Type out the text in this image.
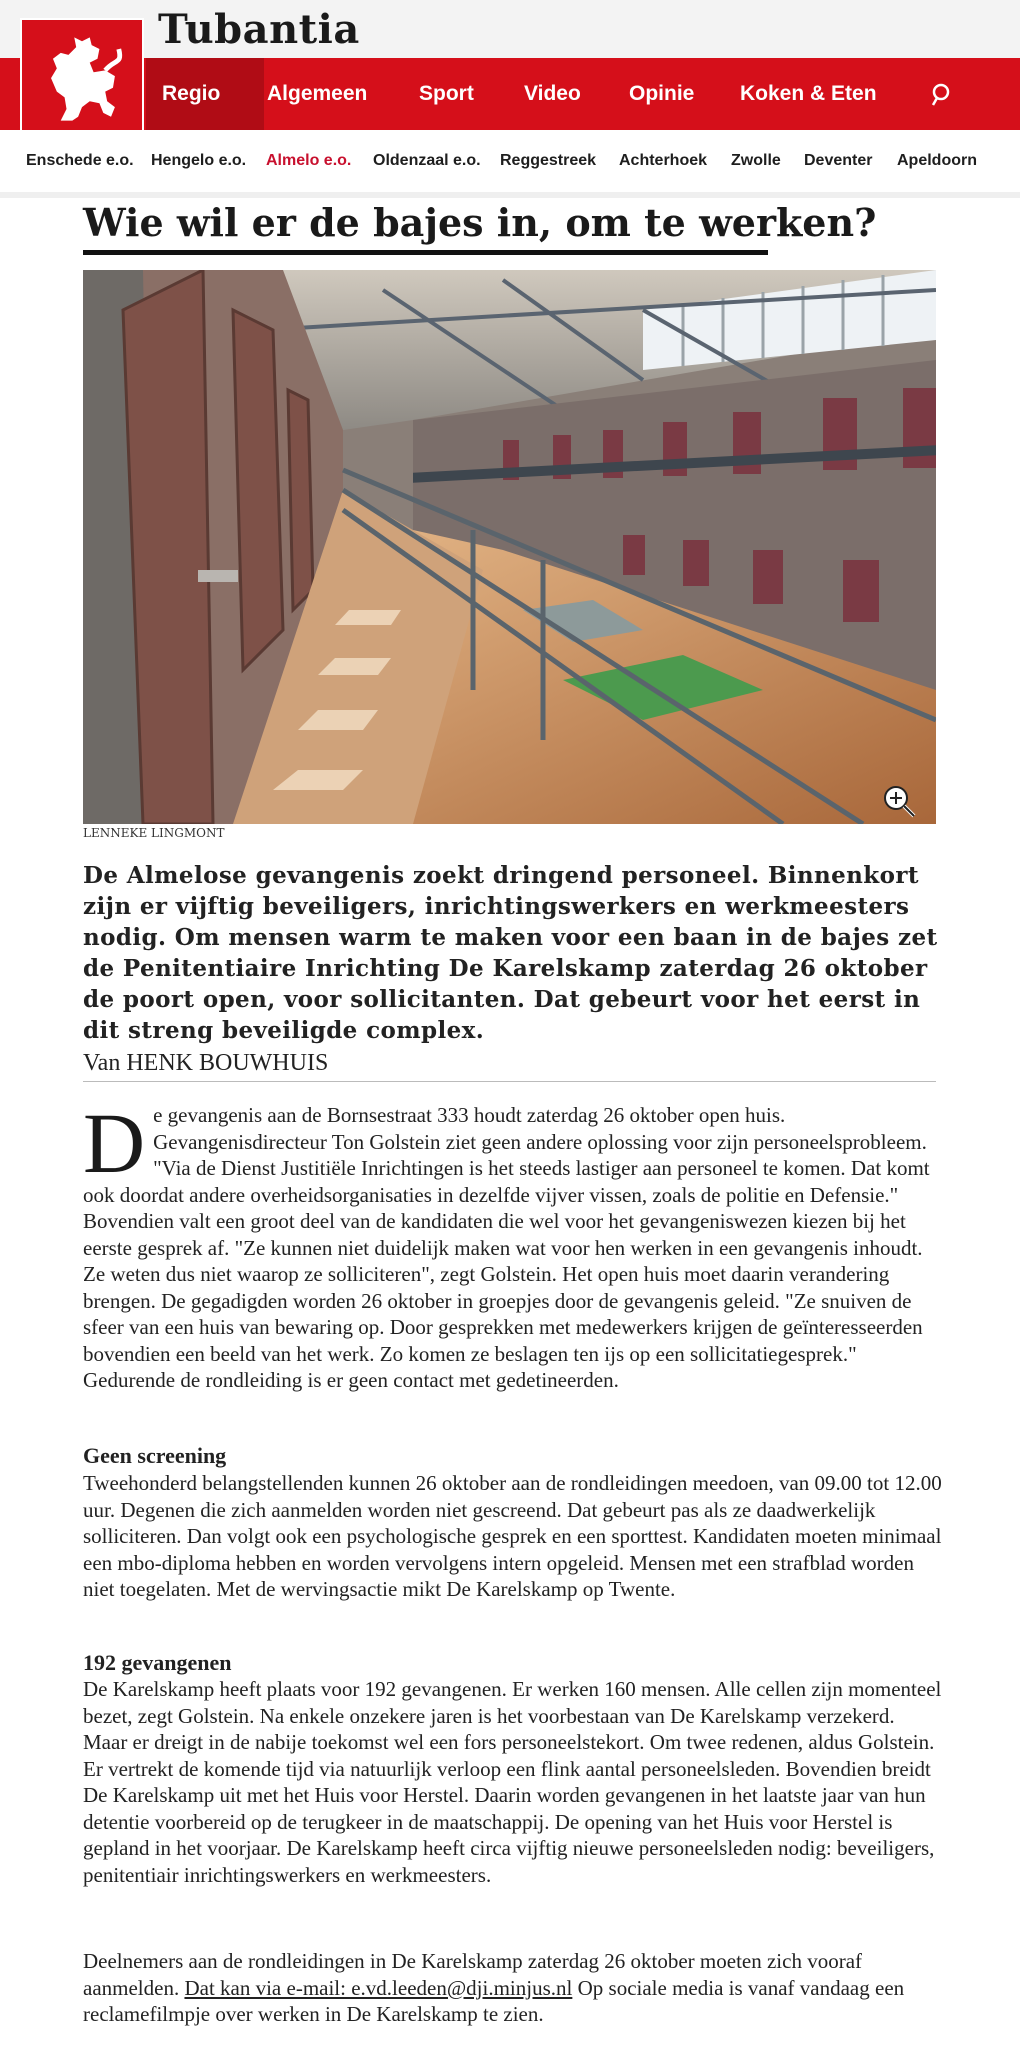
Tubantia
Regio Algemeen Sport Video Opinie Koken & Eten
Enschede e.o. Hengelo e.o. Almelo e.o. Oldenzaal e.o. Reggestreek Achterhoek Zwolle Deventer Apeldoorn
Wie wil er de bajes in, om te werken?
LENNEKE LINGMONT

De Almelose gevangenis zoekt dringend personeel. Binnenkort zijn er vijftig beveiligers, inrichtingswerkers en werkmeesters nodig. Om mensen warm te maken voor een baan in de bajes zet de Penitentiaire Inrichting De Karelskamp zaterdag 26 oktober de poort open, voor sollicitanten. Dat gebeurt voor het eerst in dit streng beveiligde complex.

Van HENK BOUWHUIS
De gevangenis aan de Bornsestraat 333 houdt zaterdag 26 oktober open huis. Gevangenisdirecteur Ton Golstein ziet geen andere oplossing voor zijn personeelsprobleem. "Via de Dienst Justitiële Inrichtingen is het steeds lastiger aan personeel te komen. Dat komt ook doordat andere overheidsorganisaties in dezelfde vijver vissen, zoals de politie en Defensie." Bovendien valt een groot deel van de kandidaten die wel voor het gevangeniswezen kiezen bij het eerste gesprek af. "Ze kunnen niet duidelijk maken wat voor hen werken in een gevangenis inhoudt. Ze weten dus niet waarop ze solliciteren", zegt Golstein. Het open huis moet daarin verandering brengen. De gegadigden worden 26 oktober in groepjes door de gevangenis geleid. "Ze snuiven de sfeer van een huis van bewaring op. Door gesprekken met medewerkers krijgen de geïnteresseerden bovendien een beeld van het werk. Zo komen ze beslagen ten ijs op een sollicitatiegesprek." Gedurende de rondleiding is er geen contact met gedetineerden.
Geen screening
Tweehonderd belangstellenden kunnen 26 oktober aan de rondleidingen meedoen, van 09.00 tot 12.00 uur. Degenen die zich aanmelden worden niet gescreend. Dat gebeurt pas als ze daadwerkelijk solliciteren. Dan volgt ook een psychologische gesprek en een sporttest. Kandidaten moeten minimaal een mbo-diploma hebben en worden vervolgens intern opgeleid. Mensen met een strafblad worden niet toegelaten. Met de wervingsactie mikt De Karelskamp op Twente.
192 gevangenen
De Karelskamp heeft plaats voor 192 gevangenen. Er werken 160 mensen. Alle cellen zijn momenteel bezet, zegt Golstein. Na enkele onzekere jaren is het voorbestaan van De Karelskamp verzekerd. Maar er dreigt in de nabije toekomst wel een fors personeelstekort. Om twee redenen, aldus Golstein. Er vertrekt de komende tijd via natuurlijk verloop een flink aantal personeelsleden. Bovendien breidt De Karelskamp uit met het Huis voor Herstel. Daarin worden gevangenen in het laatste jaar van hun detentie voorbereid op de terugkeer in de maatschappij. De opening van het Huis voor Herstel is gepland in het voorjaar. De Karelskamp heeft circa vijftig nieuwe personeelsleden nodig: beveiligers, penitentiair inrichtingswerkers en werkmeesters.
Deelnemers aan de rondleidingen in De Karelskamp zaterdag 26 oktober moeten zich vooraf aanmelden. Dat kan via e-mail: e.vd.leeden@dji.minjus.nl Op sociale media is vanaf vandaag een reclamefilmpje over werken in De Karelskamp te zien.
